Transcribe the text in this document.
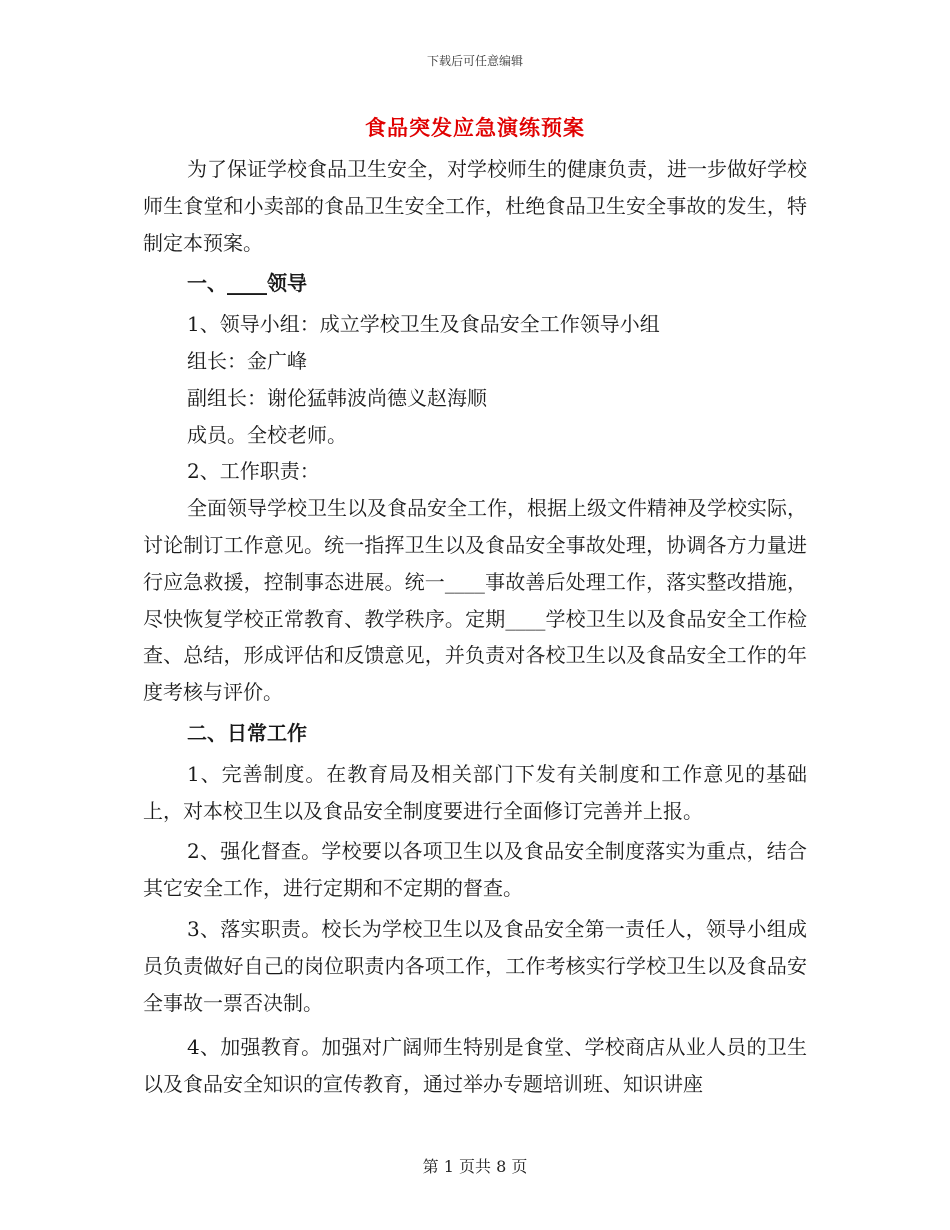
下载后可任意编辑
食品突发应急演练预案

为了保证学校食品卫生安全，对学校师生的健康负责，进一步做好学校师生食堂和小卖部的食品卫生安全工作，杜绝食品卫生安全事故的发生，特制定本预案。

一、____领导

1、领导小组：成立学校卫生及食品安全工作领导小组

组长：金广峰

副组长：谢伦猛韩波尚德义赵海顺

成员。全校老师。

2、工作职责：

全面领导学校卫生以及食品安全工作，根据上级文件精神及学校实际，讨论制订工作意见。统一指挥卫生以及食品安全事故处理，协调各方力量进行应急救援，控制事态进展。统一____事故善后处理工作，落实整改措施，尽快恢复学校正常教育、教学秩序。定期____学校卫生以及食品安全工作检查、总结，形成评估和反馈意见，并负责对各校卫生以及食品安全工作的年度考核与评价。

二、日常工作

1、完善制度。在教育局及相关部门下发有关制度和工作意见的基础上，对本校卫生以及食品安全制度要进行全面修订完善并上报。

2、强化督查。学校要以各项卫生以及食品安全制度落实为重点，结合其它安全工作，进行定期和不定期的督查。

3、落实职责。校长为学校卫生以及食品安全第一责任人，领导小组成员负责做好自己的岗位职责内各项工作，工作考核实行学校卫生以及食品安全事故一票否决制。

4、加强教育。加强对广阔师生特别是食堂、学校商店从业人员的卫生以及食品安全知识的宣传教育，通过举办专题培训班、知识讲座

第 1 页共 8 页
